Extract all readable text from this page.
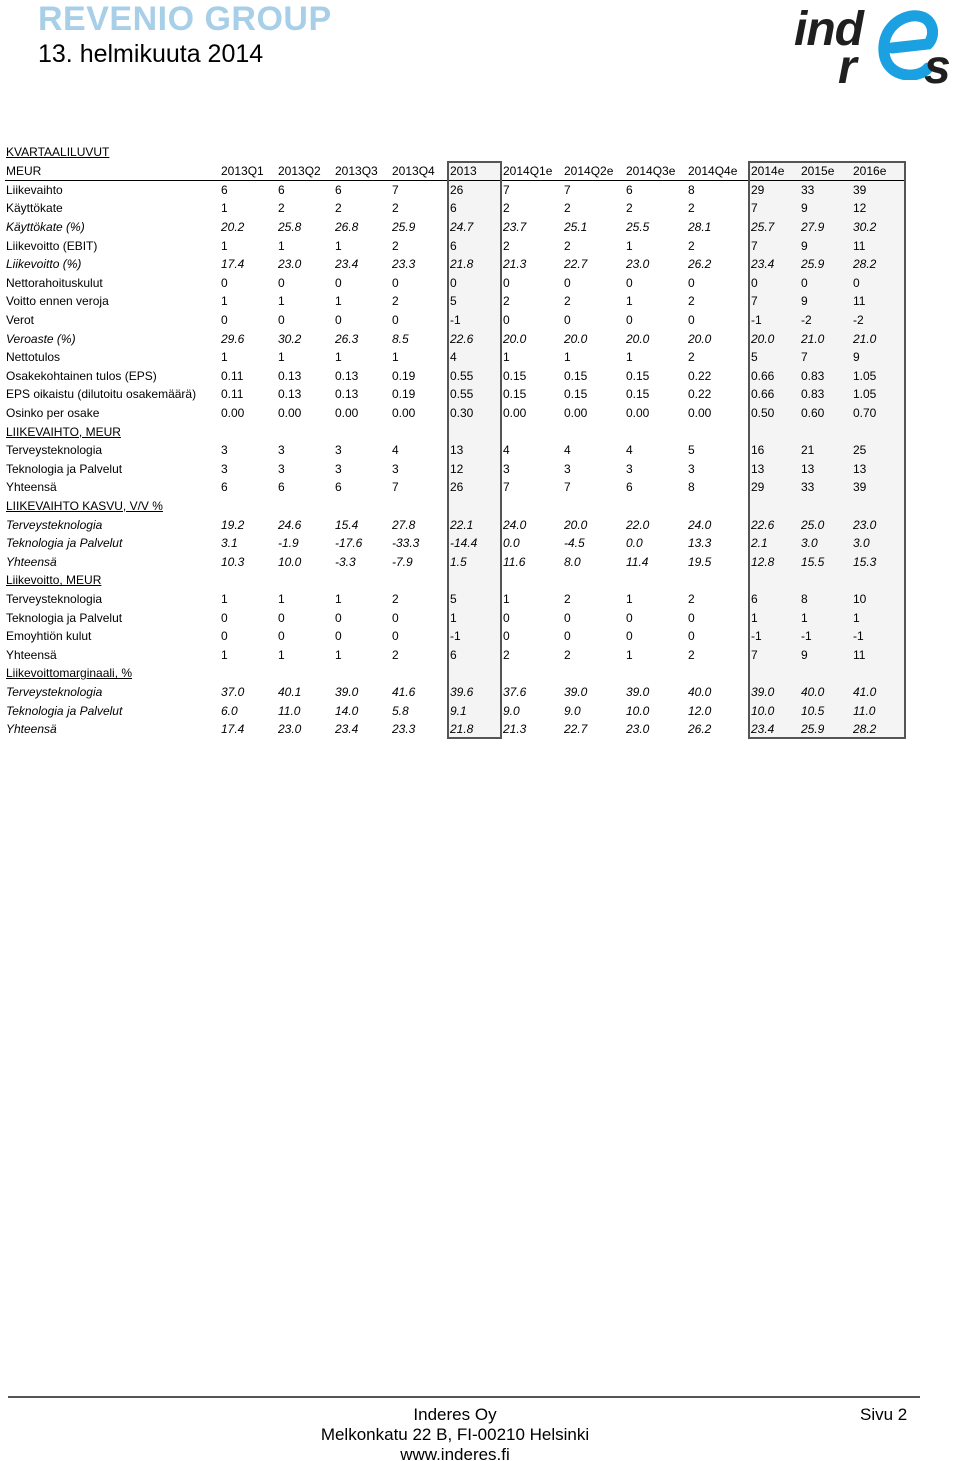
REVENIO GROUP
13. helmikuuta 2014	ind
r s
KVARTAALILUVUT												
MEUR	2013Q1	2013Q2	2013Q3	2013Q4	2013	2014Q1e	2014Q2e	2014Q3e	2014Q4e	2014e	2015e	2016e
Liikevaihto	6	6	6	7	26	7	7	6	8	29	33	39
Käyttökate	1	2	2	2	6	2	2	2	2	7	9	12
Käyttökate (%)	20.2	25.8	26.8	25.9	24.7	23.7	25.1	25.5	28.1	25.7	27.9	30.2
Liikevoitto (EBIT)	1	1	1	2	6	2	2	1	2	7	9	11
Liikevoitto (%)	17.4	23.0	23.4	23.3	21.8	21.3	22.7	23.0	26.2	23.4	25.9	28.2
Nettorahoituskulut	0	0	0	0	0	0	0	0	0	0	0	0
Voitto ennen veroja	1	1	1	2	5	2	2	1	2	7	9	11
Verot	0	0	0	0	-1	0	0	0	0	-1	-2	-2
Veroaste (%)	29.6	30.2	26.3	8.5	22.6	20.0	20.0	20.0	20.0	20.0	21.0	21.0
Nettotulos	1	1	1	1	4	1	1	1	2	5	7	9
Osakekohtainen tulos (EPS)	0.11	0.13	0.13	0.19	0.55	0.15	0.15	0.15	0.22	0.66	0.83	1.05
EPS oikaistu (dilutoitu osakemäärä)	0.11	0.13	0.13	0.19	0.55	0.15	0.15	0.15	0.22	0.66	0.83	1.05
Osinko per osake	0.00	0.00	0.00	0.00	0.30	0.00	0.00	0.00	0.00	0.50	0.60	0.70
LIIKEVAIHTO, MEUR												
Terveysteknologia	3	3	3	4	13	4	4	4	5	16	21	25
Teknologia ja Palvelut	3	3	3	3	12	3	3	3	3	13	13	13
Yhteensä	6	6	6	7	26	7	7	6	8	29	33	39
LIIKEVAIHTO KASVU, V/V %												
Terveysteknologia	19.2	24.6	15.4	27.8	22.1	24.0	20.0	22.0	24.0	22.6	25.0	23.0
Teknologia ja Palvelut	3.1	-1.9	-17.6	-33.3	-14.4	0.0	-4.5	0.0	13.3	2.1	3.0	3.0
Yhteensä	10.3	10.0	-3.3	-7.9	1.5	11.6	8.0	11.4	19.5	12.8	15.5	15.3
Liikevoitto, MEUR												
Terveysteknologia	1	1	1	2	5	1	2	1	2	6	8	10
Teknologia ja Palvelut	0	0	0	0	1	0	0	0	0	1	1	1
Emoyhtiön kulut	0	0	0	0	-1	0	0	0	0	-1	-1	-1
Yhteensä	1	1	1	2	6	2	2	1	2	7	9	11
Liikevoittomarginaali, %												
Terveysteknologia	37.0	40.1	39.0	41.6	39.6	37.6	39.0	39.0	40.0	39.0	40.0	41.0
Teknologia ja Palvelut	6.0	11.0	14.0	5.8	9.1	9.0	9.0	10.0	12.0	10.0	10.5	11.0
Yhteensä	17.4	23.0	23.4	23.3	21.8	21.3	22.7	23.0	26.2	23.4	25.9	28.2
Inderes Oy
Melkonkatu 22 B, FI-00210 Helsinki
www.inderes.fi
Sivu 2
